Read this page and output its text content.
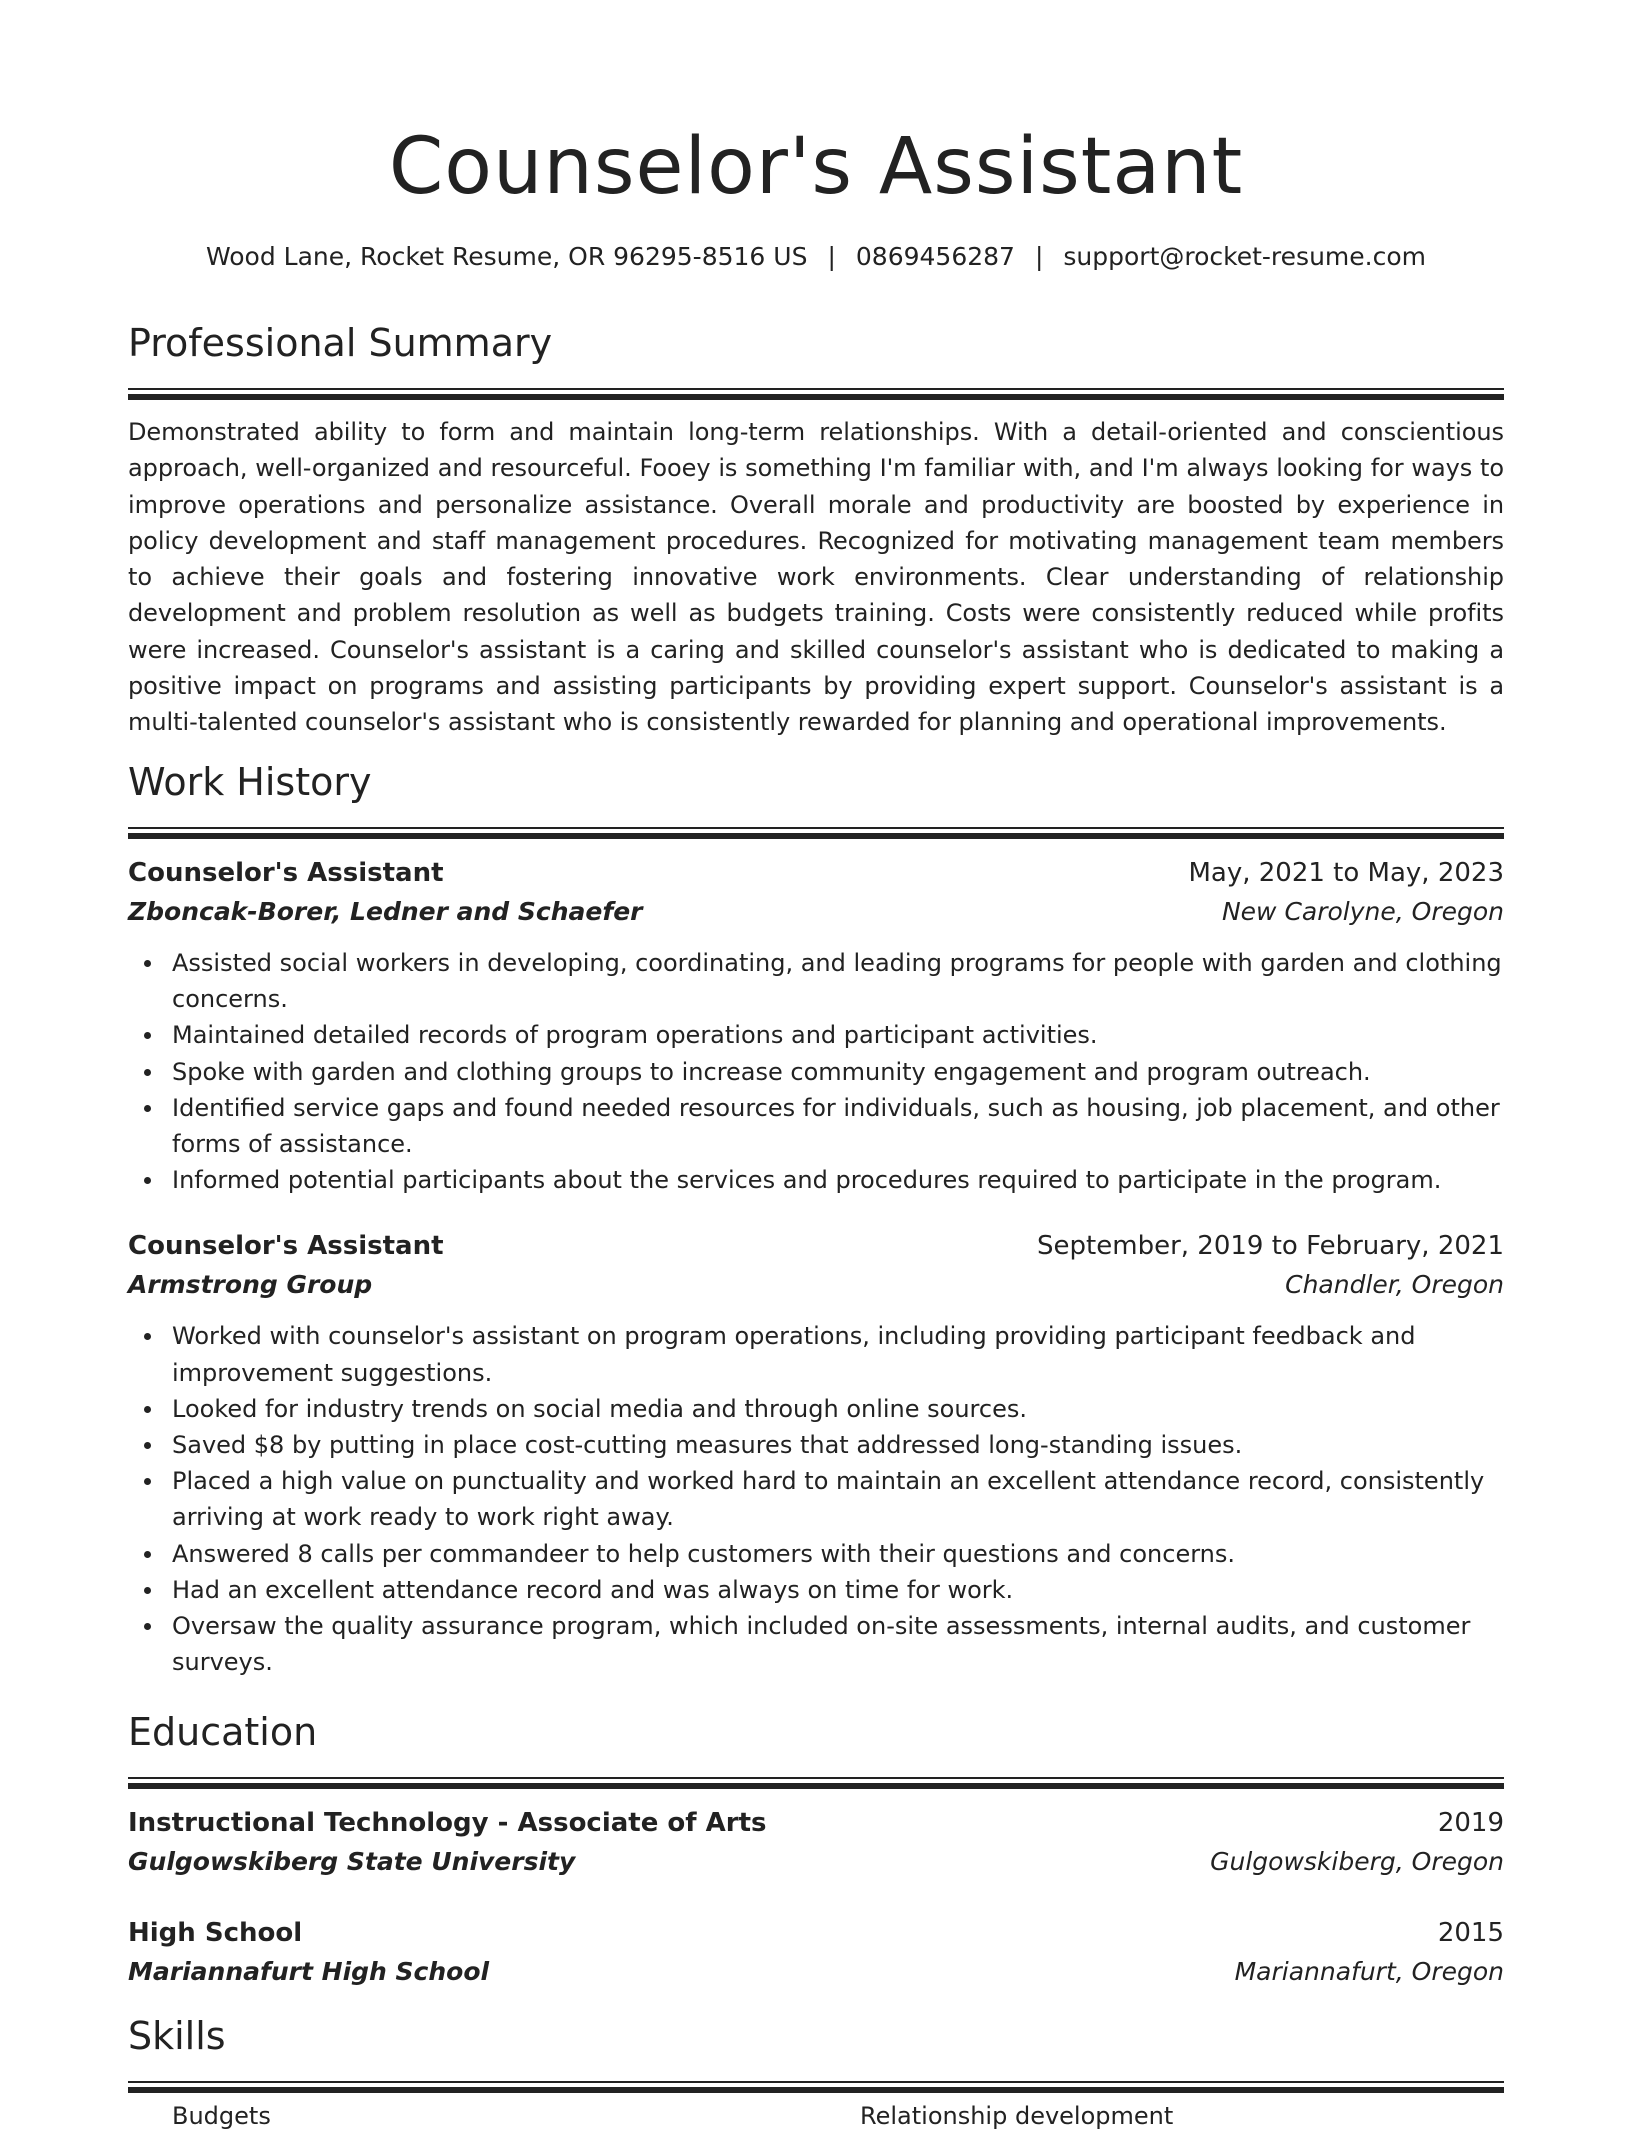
Counselor's Assistant
Wood Lane, Rocket Resume, OR 96295-8516 US | 0869456287 | support@rocket-resume.com
Professional Summary

Demonstrated ability to form and maintain long-term relationships. With a detail-oriented and conscientious approach, well-organized and resourceful. Fooey is something I'm familiar with, and I'm always looking for ways to improve operations and personalize assistance. Overall morale and productivity are boosted by experience in policy development and staff management procedures. Recognized for motivating management team members to achieve their goals and fostering innovative work environments. Clear understanding of relationship development and problem resolution as well as budgets training. Costs were consistently reduced while profits were increased. Counselor's assistant is a caring and skilled counselor's assistant who is dedicated to making a positive impact on programs and assisting participants by providing expert support. Counselor's assistant is a multi-talented counselor's assistant who is consistently rewarded for planning and operational improvements.

Work History
Counselor's Assistant	May, 2021 to May, 2023
Zboncak-Borer, Ledner and Schaefer	New Carolyne, Oregon
Assisted social workers in developing, coordinating, and leading programs for people with garden and clothing concerns.
Maintained detailed records of program operations and participant activities.
Spoke with garden and clothing groups to increase community engagement and program outreach.
Identified service gaps and found needed resources for individuals, such as housing, job placement, and other forms of assistance.
Informed potential participants about the services and procedures required to participate in the program.
Counselor's Assistant	September, 2019 to February, 2021
Armstrong Group	Chandler, Oregon
Worked with counselor's assistant on program operations, including providing participant feedback and improvement suggestions.
Looked for industry trends on social media and through online sources.
Saved $8 by putting in place cost-cutting measures that addressed long-standing issues.
Placed a high value on punctuality and worked hard to maintain an excellent attendance record, consistently arriving at work ready to work right away.
Answered 8 calls per commandeer to help customers with their questions and concerns.
Had an excellent attendance record and was always on time for work.
Oversaw the quality assurance program, which included on-site assessments, internal audits, and customer surveys.
Education
Instructional Technology - Associate of Arts	2019
Gulgowskiberg State University	Gulgowskiberg, Oregon
High School	2015
Mariannafurt High School	Mariannafurt, Oregon
Skills
Budgets	Relationship development
